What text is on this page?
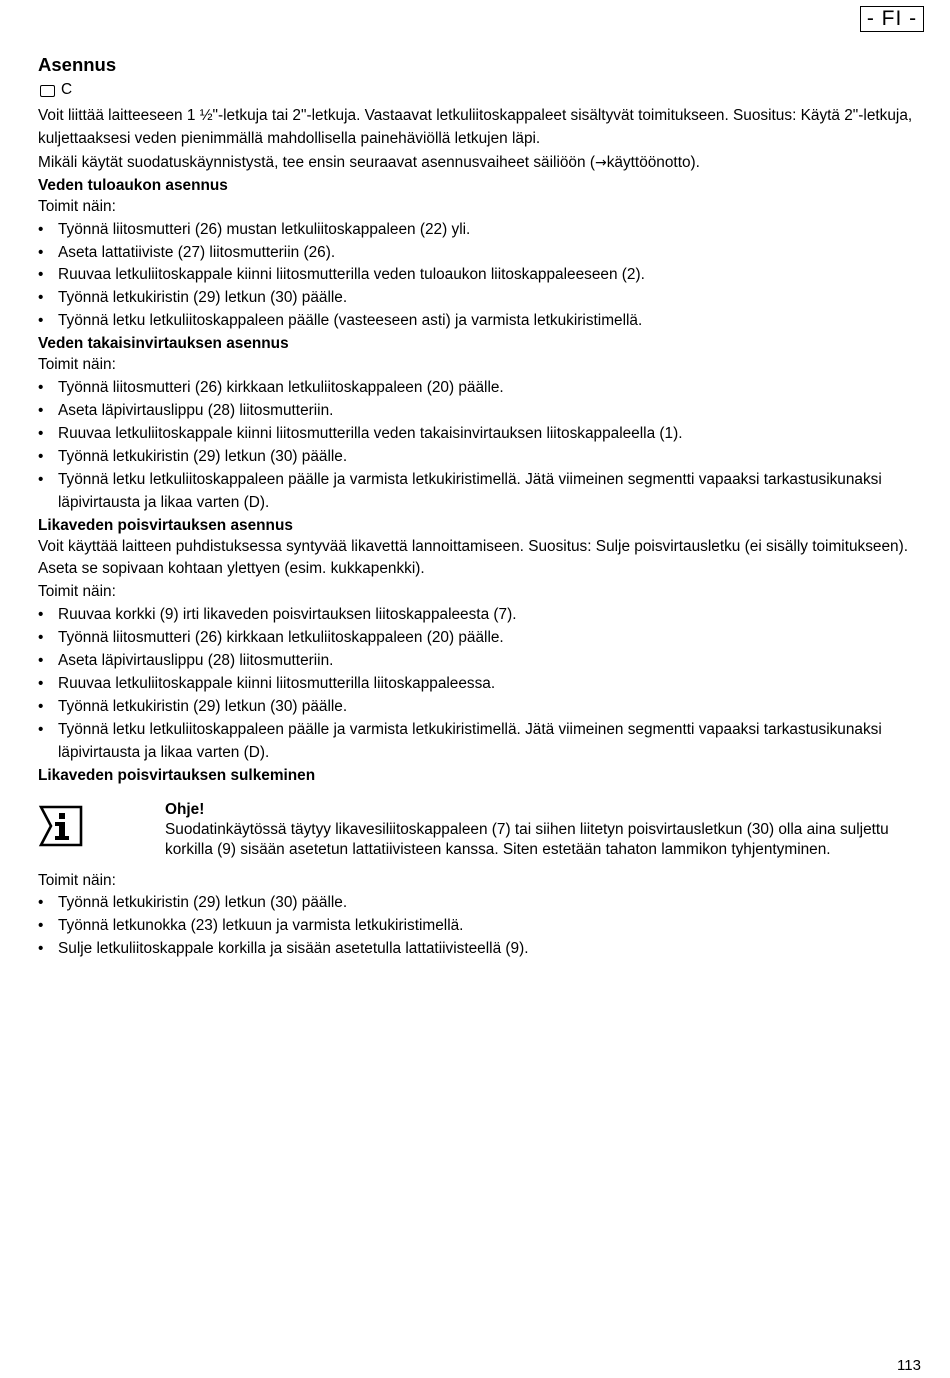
- FI -
Asennus
C

Voit liittää laitteeseen 1 ½"-letkuja tai 2"-letkuja. Vastaavat letkuliitoskappaleet sisältyvät toimitukseen. Suositus: Käytä 2"-letkuja, kuljettaaksesi veden pienimmällä mahdollisella painehäviöllä letkujen läpi.

Mikäli käytät suodatuskäynnistystä, tee ensin seuraavat asennusvaiheet säiliöön (→käyttöönotto).

Veden tuloaukon asennus

Toimit näin:

• Työnnä liitosmutteri (26) mustan letkuliitoskappaleen (22) yli.
• Aseta lattatiiviste (27) liitosmutteriin (26).
• Ruuvaa letkuliitoskappale kiinni liitosmutterilla veden tuloaukon liitoskappaleeseen (2).
• Työnnä letkukiristin (29) letkun (30) päälle.
• Työnnä letku letkuliitoskappaleen päälle (vasteeseen asti) ja varmista letkukiristimellä.
Veden takaisinvirtauksen asennus

Toimit näin:

• Työnnä liitosmutteri (26) kirkkaan letkuliitoskappaleen (20) päälle.
• Aseta läpivirtauslippu (28) liitosmutteriin.
• Ruuvaa letkuliitoskappale kiinni liitosmutterilla veden takaisinvirtauksen liitoskappaleella (1).
• Työnnä letkukiristin (29) letkun (30) päälle.
• Työnnä letku letkuliitoskappaleen päälle ja varmista letkukiristimellä. Jätä viimeinen segmentti vapaaksi tarkastusikunaksi läpivirtausta ja likaa varten (D).
Likaveden poisvirtauksen asennus

Voit käyttää laitteen puhdistuksessa syntyvää likavettä lannoittamiseen. Suositus: Sulje poisvirtausletku (ei sisälly toimitukseen). Aseta se sopivaan kohtaan ylettyen (esim. kukkapenkki).

Toimit näin:

• Ruuvaa korkki (9) irti likaveden poisvirtauksen liitoskappaleesta (7).
• Työnnä liitosmutteri (26) kirkkaan letkuliitoskappaleen (20) päälle.
• Aseta läpivirtauslippu (28) liitosmutteriin.
• Ruuvaa letkuliitoskappale kiinni liitosmutterilla liitoskappaleessa.
• Työnnä letkukiristin (29) letkun (30) päälle.
• Työnnä letku letkuliitoskappaleen päälle ja varmista letkukiristimellä. Jätä viimeinen segmentti vapaaksi tarkastusikunaksi läpivirtausta ja likaa varten (D).
Likaveden poisvirtauksen sulkeminen
Ohje!
Suodatinkäytössä täytyy likavesiliitoskappaleen (7) tai siihen liitetyn poisvirtausletkun (30) olla aina suljettu korkilla (9) sisään asetetun lattatiivisteen kanssa. Siten estetään tahaton lammikon tyhjentyminen.

Toimit näin:

• Työnnä letkukiristin (29) letkun (30) päälle.
• Työnnä letkunokka (23) letkuun ja varmista letkukiristimellä.
• Sulje letkuliitoskappale korkilla ja sisään asetetulla lattatiivisteellä (9).
113
